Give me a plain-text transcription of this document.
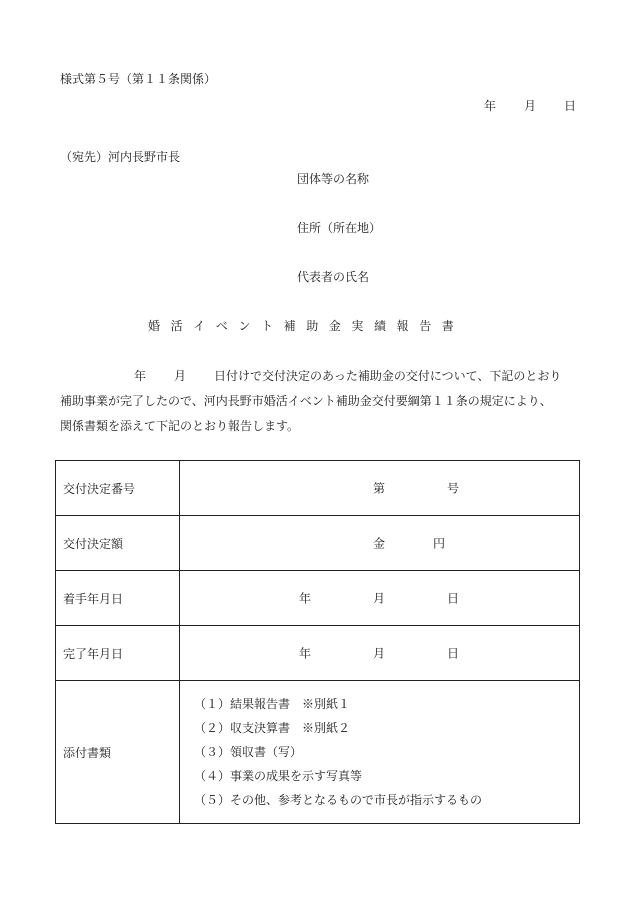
様式第５号（第１１条関係）
年 月 日
（宛先）河内長野市長
団体等の名称
住所（所在地）
代表者の氏名
婚活イベント補助金実績報告書
年 月 日付けで交付決定のあった補助金の交付について、下記のとおり
補助事業が完了したので、河内長野市婚活イベント補助金交付要綱第１１条の規定により、
関係書類を添えて下記のとおり報告します。
交付決定番号	第 号

交付決定額	金 円

着手年月日	年 月 日

完了年月日	年 月 日

添付書類	（１）結果報告書　※別紙１
（２）収支決算書　※別紙２
（３）領収書（写）
（４）事業の成果を示す写真等
（５）その他、参考となるもので市長が指示するもの
